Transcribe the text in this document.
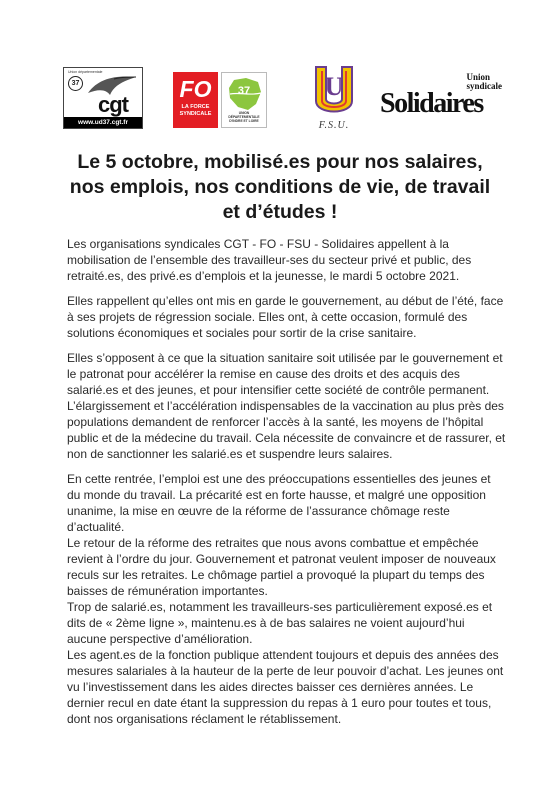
Union départementale
37
cgt
www.ud37.cgt.fr
FO
LA FORCE
SYNDICALE
37
UNION DÉPARTEMENTALE
D'INDRE ET LOIRE
U
F.S.U.
Union
syndicale
Solidaires
Le 5 octobre, mobilisé.es pour nos salaires, nos emplois, nos conditions de vie, de travail et d’études !

Les organisations syndicales CGT - FO - FSU - Solidaires appellent à la mobilisation de l’ensemble des travailleur-ses du secteur privé et public, des retraité.es, des privé.es d’emplois et la jeunesse, le mardi 5 octobre 2021.

Elles rappellent qu’elles ont mis en garde le gouvernement, au début de l’été, face à ses projets de régression sociale. Elles ont, à cette occasion, formulé des solutions économiques et sociales pour sortir de la crise sanitaire.

Elles s’opposent à ce que la situation sanitaire soit utilisée par le gouvernement et le patronat pour accélérer la remise en cause des droits et des acquis des salarié.es et des jeunes, et pour intensifier cette société de contrôle permanent. L’élargissement et l’accélération indispensables de la vaccination au plus près des populations demandent de renforcer l’accès à la santé, les moyens de l’hôpital public et de la médecine du travail. Cela nécessite de convaincre et de rassurer, et non de sanctionner les salarié.es et suspendre leurs salaires.

En cette rentrée, l’emploi est une des préoccupations essentielles des jeunes et du monde du travail. La précarité est en forte hausse, et malgré une opposition unanime, la mise en œuvre de la réforme de l’assurance chômage reste d’actualité.

Le retour de la réforme des retraites que nous avons combattue et empêchée revient à l’ordre du jour. Gouvernement et patronat veulent imposer de nouveaux reculs sur les retraites. Le chômage partiel a provoqué la plupart du temps des baisses de rémunération importantes.

Trop de salarié.es, notamment les travailleurs-ses particulièrement exposé.es et dits de « 2ème ligne », maintenu.es à de bas salaires ne voient aujourd’hui aucune perspective d’amélioration.

Les agent.es de la fonction publique attendent toujours et depuis des années des mesures salariales à la hauteur de la perte de leur pouvoir d’achat. Les jeunes ont vu l’investissement dans les aides directes baisser ces dernières années. Le dernier recul en date étant la suppression du repas à 1 euro pour toutes et tous, dont nos organisations réclament le rétablissement.
